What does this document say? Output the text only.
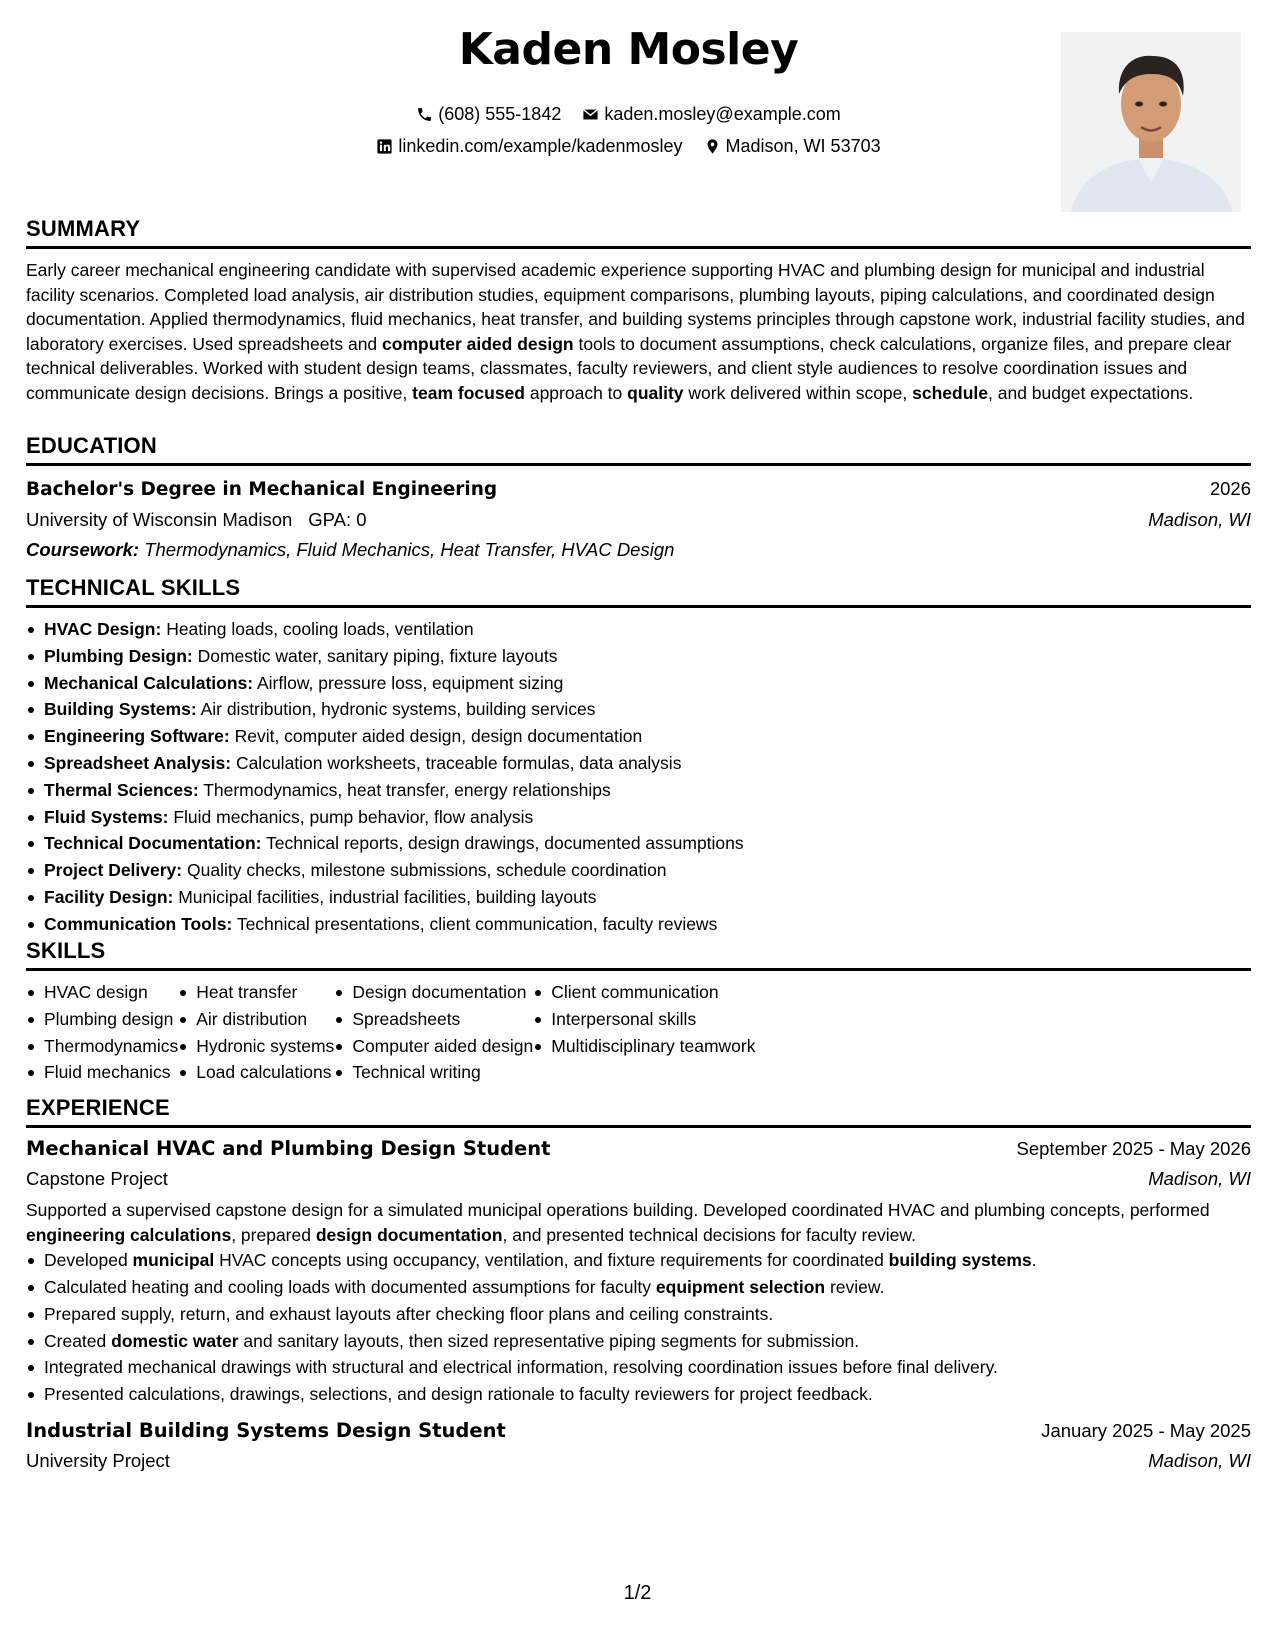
Kaden Mosley
(608) 555-1842
kaden.mosley@example.com
linkedin.com/example/kadenmosley
Madison, WI 53703
SUMMARY
Early career mechanical engineering candidate with supervised academic experience supporting HVAC and plumbing design for municipal and industrial facility scenarios. Completed load analysis, air distribution studies, equipment comparisons, plumbing layouts, piping calculations, and coordinated design documentation. Applied thermodynamics, fluid mechanics, heat transfer, and building systems principles through capstone work, industrial facility studies, and laboratory exercises. Used spreadsheets and computer aided design tools to document assumptions, check calculations, organize files, and prepare clear technical deliverables. Worked with student design teams, classmates, faculty reviewers, and client style audiences to resolve coordination issues and communicate design decisions. Brings a positive, team focused approach to quality work delivered within scope, schedule, and budget expectations.
EDUCATION
Bachelor's Degree in Mechanical Engineering	2026
University of Wisconsin Madison GPA: 0	Madison, WI
Coursework: Thermodynamics, Fluid Mechanics, Heat Transfer, HVAC Design
TECHNICAL SKILLS
HVAC Design: Heating loads, cooling loads, ventilation
Plumbing Design: Domestic water, sanitary piping, fixture layouts
Mechanical Calculations: Airflow, pressure loss, equipment sizing
Building Systems: Air distribution, hydronic systems, building services
Engineering Software: Revit, computer aided design, design documentation
Spreadsheet Analysis: Calculation worksheets, traceable formulas, data analysis
Thermal Sciences: Thermodynamics, heat transfer, energy relationships
Fluid Systems: Fluid mechanics, pump behavior, flow analysis
Technical Documentation: Technical reports, design drawings, documented assumptions
Project Delivery: Quality checks, milestone submissions, schedule coordination
Facility Design: Municipal facilities, industrial facilities, building layouts
Communication Tools: Technical presentations, client communication, faculty reviews
SKILLS
HVAC design
Plumbing design
Thermodynamics
Fluid mechanics
Heat transfer
Air distribution
Hydronic systems
Load calculations
Design documentation
Spreadsheets
Computer aided design
Technical writing
Client communication
Interpersonal skills
Multidisciplinary teamwork
EXPERIENCE
Mechanical HVAC and Plumbing Design Student	September 2025 - May 2026
Capstone Project	Madison, WI
Supported a supervised capstone design for a simulated municipal operations building. Developed coordinated HVAC and plumbing concepts, performed engineering calculations, prepared design documentation, and presented technical decisions for faculty review.
Developed municipal HVAC concepts using occupancy, ventilation, and fixture requirements for coordinated building systems.
Calculated heating and cooling loads with documented assumptions for faculty equipment selection review.
Prepared supply, return, and exhaust layouts after checking floor plans and ceiling constraints.
Created domestic water and sanitary layouts, then sized representative piping segments for submission.
Integrated mechanical drawings with structural and electrical information, resolving coordination issues before final delivery.
Presented calculations, drawings, selections, and design rationale to faculty reviewers for project feedback.
Industrial Building Systems Design Student	January 2025 - May 2025
University Project	Madison, WI
1/2
